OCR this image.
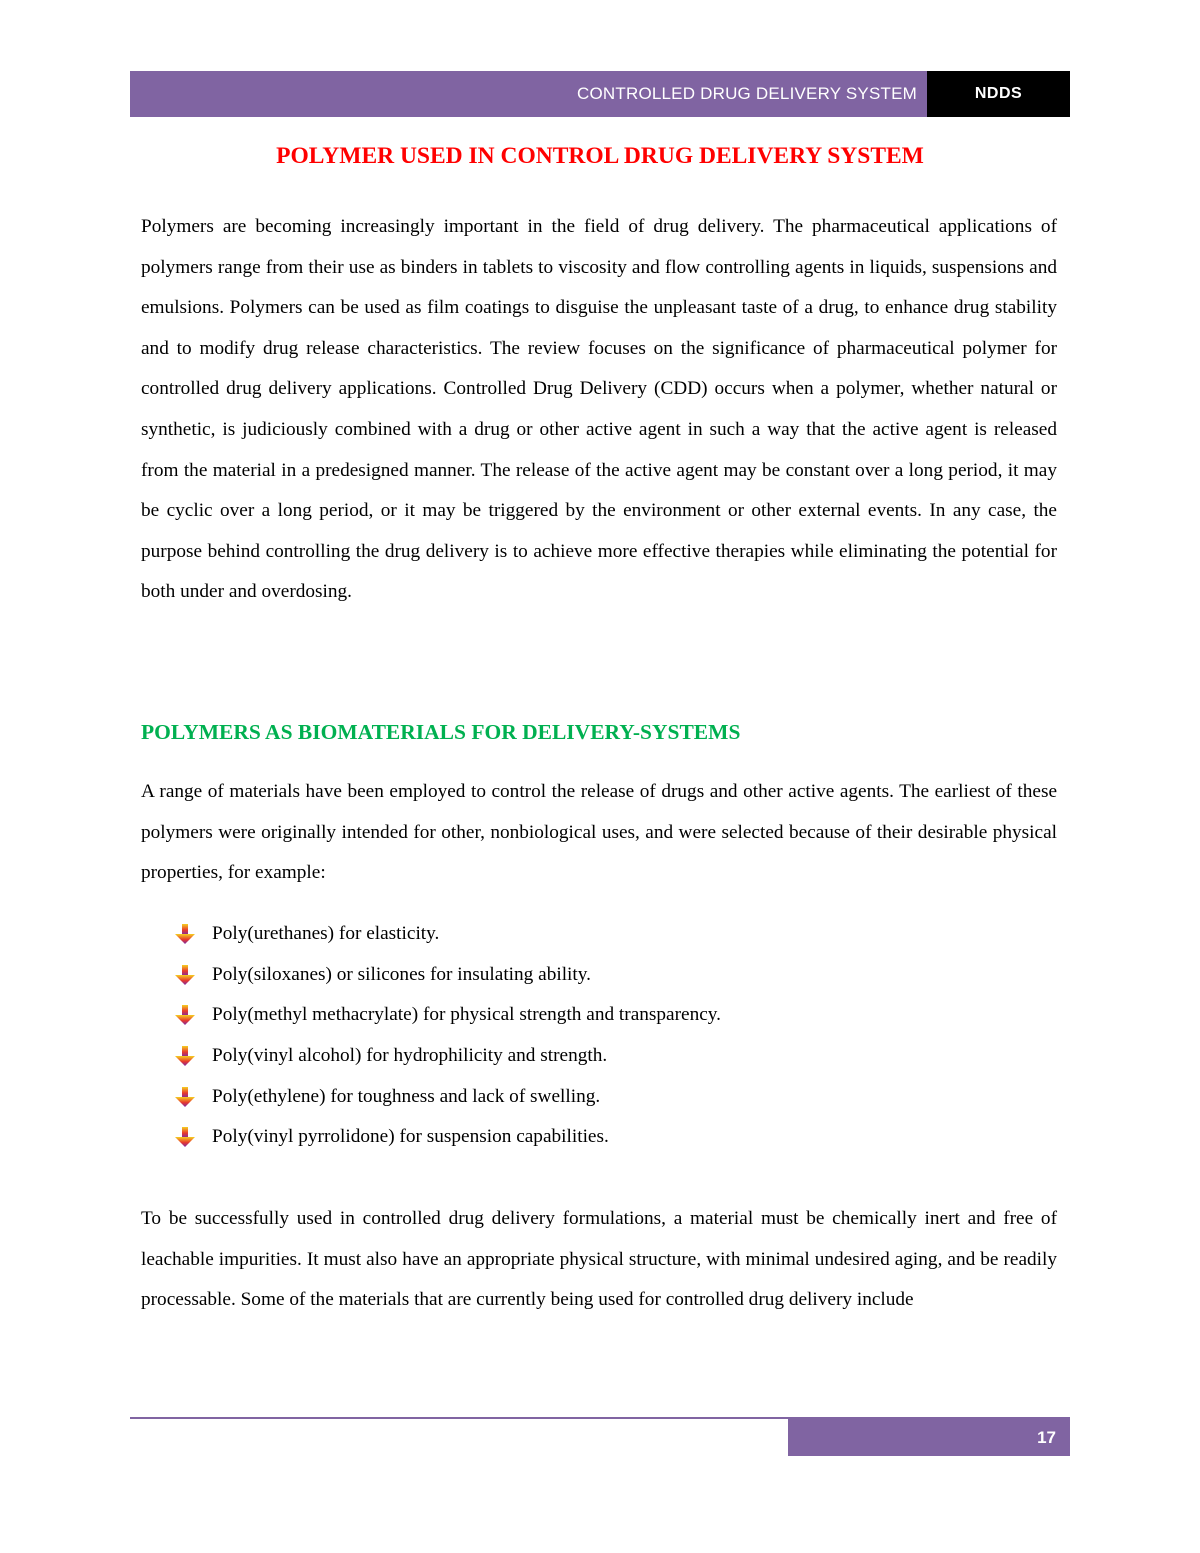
CONTROLLED DRUG DELIVERY SYSTEM	NDDS
POLYMER USED IN CONTROL DRUG DELIVERY SYSTEM

Polymers are becoming increasingly important in the field of drug delivery. The pharmaceutical applications of polymers range from their use as binders in tablets to viscosity and flow controlling agents in liquids, suspensions and emulsions. Polymers can be used as film coatings to disguise the unpleasant taste of a drug, to enhance drug stability and to modify drug release characteristics. The review focuses on the significance of pharmaceutical polymer for controlled drug delivery applications. Controlled Drug Delivery (CDD) occurs when a polymer, whether natural or synthetic, is judiciously combined with a drug or other active agent in such a way that the active agent is released from the material in a predesigned manner. The release of the active agent may be constant over a long period, it may be cyclic over a long period, or it may be triggered by the environment or other external events. In any case, the purpose behind controlling the drug delivery is to achieve more effective therapies while eliminating the potential for both under and overdosing.

POLYMERS AS BIOMATERIALS FOR DELIVERY-SYSTEMS

A range of materials have been employed to control the release of drugs and other active agents. The earliest of these polymers were originally intended for other, nonbiological uses, and were selected because of their desirable physical properties, for example:

Poly(urethanes) for elasticity.
Poly(siloxanes) or silicones for insulating ability.
Poly(methyl methacrylate) for physical strength and transparency.
Poly(vinyl alcohol) for hydrophilicity and strength.
Poly(ethylene) for toughness and lack of swelling.
Poly(vinyl pyrrolidone) for suspension capabilities.

To be successfully used in controlled drug delivery formulations, a material must be chemically inert and free of leachable impurities. It must also have an appropriate physical structure, with minimal undesired aging, and be readily processable. Some of the materials that are currently being used for controlled drug delivery include

17
